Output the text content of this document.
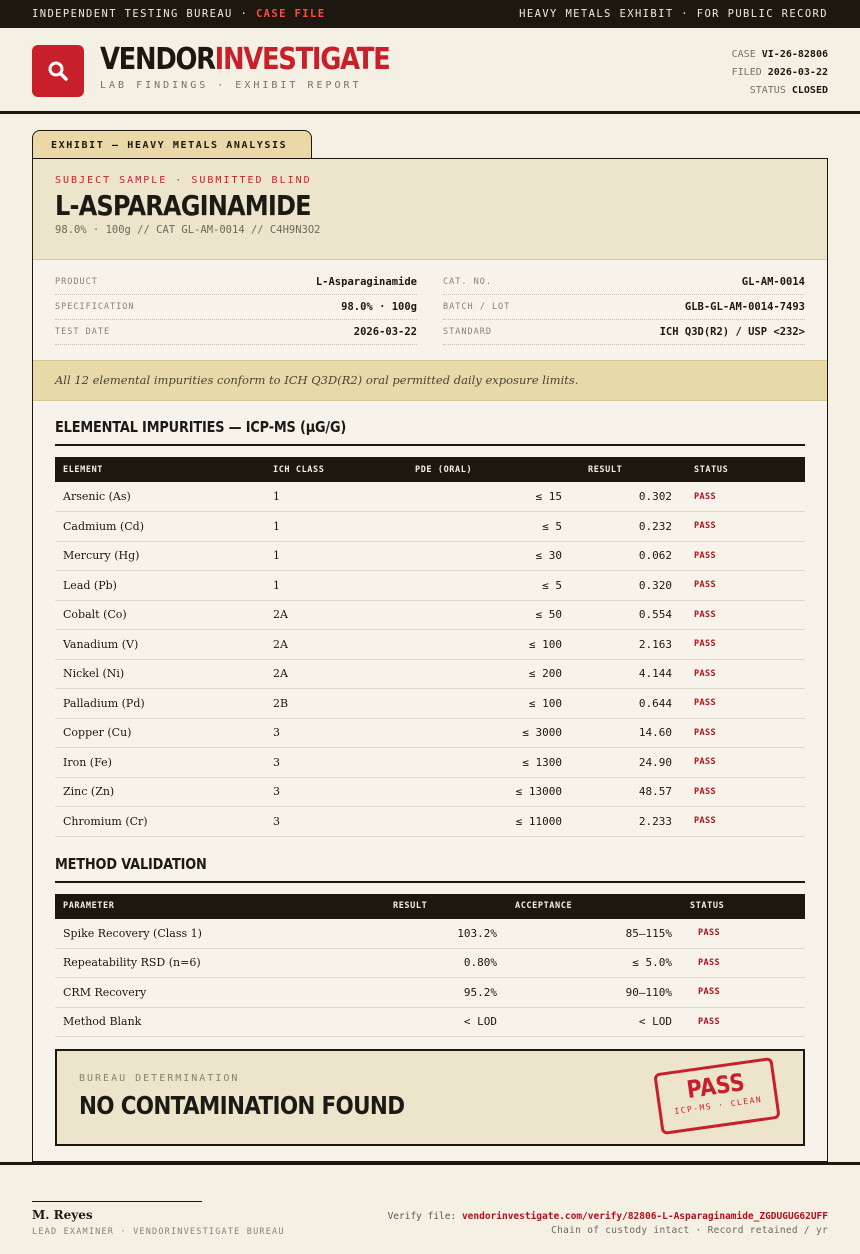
INDEPENDENT TESTING BUREAU · CASE FILE	HEAVY METALS EXHIBIT · FOR PUBLIC RECORD
VENDORINVESTIGATE
LAB FINDINGS · EXHIBIT REPORT
CASE VI-26-82806
FILED 2026-03-22
STATUS CLOSED
EXHIBIT — HEAVY METALS ANALYSIS
SUBJECT SAMPLE · SUBMITTED BLIND
L-ASPARAGINAMIDE
98.0% · 100g // CAT GL-AM-0014 // C4H9N3O2
PRODUCT	L-Asparaginamide
SPECIFICATION	98.0% · 100g
TEST DATE	2026-03-22
CAT. NO.	GL-AM-0014
BATCH / LOT	GLB-GL-AM-0014-7493
STANDARD	ICH Q3D(R2) / USP <232>
All 12 elemental impurities conform to ICH Q3D(R2) oral permitted daily exposure limits.
ELEMENTAL IMPURITIES — ICP-MS (μG/G)
ELEMENT	ICH CLASS	PDE (ORAL)	RESULT	STATUS
Arsenic (As)	1	≤ 15	0.302	PASS
Cadmium (Cd)	1	≤ 5	0.232	PASS
Mercury (Hg)	1	≤ 30	0.062	PASS
Lead (Pb)	1	≤ 5	0.320	PASS
Cobalt (Co)	2A	≤ 50	0.554	PASS
Vanadium (V)	2A	≤ 100	2.163	PASS
Nickel (Ni)	2A	≤ 200	4.144	PASS
Palladium (Pd)	2B	≤ 100	0.644	PASS
Copper (Cu)	3	≤ 3000	14.60	PASS
Iron (Fe)	3	≤ 1300	24.90	PASS
Zinc (Zn)	3	≤ 13000	48.57	PASS
Chromium (Cr)	3	≤ 11000	2.233	PASS
METHOD VALIDATION
PARAMETER	RESULT	ACCEPTANCE	STATUS
Spike Recovery (Class 1)	103.2%	85–115%	PASS
Repeatability RSD (n=6)	0.80%	≤ 5.0%	PASS
CRM Recovery	95.2%	90–110%	PASS
Method Blank	< LOD	< LOD	PASS
BUREAU DETERMINATION
NO CONTAMINATION FOUND
PASS
ICP-MS · CLEAN
M. Reyes
LEAD EXAMINER · VENDORINVESTIGATE BUREAU
Verify file: vendorinvestigate.com/verify/82806-L-Asparaginamide_ZGDUGUG62UFF
Chain of custody intact · Record retained / yr
